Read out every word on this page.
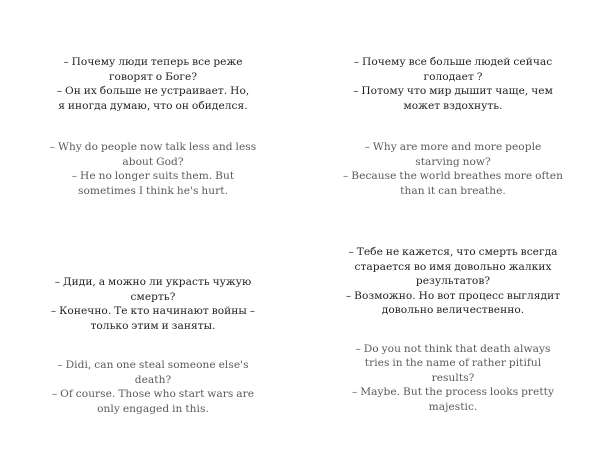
– Почему люди теперь все реже
говорят о Боге?
– Он их больше не устраивает. Но,
я иногда думаю, что он обиделся.
– Why do people now talk less and less
about God?
– He no longer suits them. But
sometimes I think he's hurt.
– Почему все больше людей сейчас
голодает ?
– Потому что мир дышит чаще, чем
может вздохнуть.
– Why are more and more people
starving now?
– Because the world breathes more often
than it can breathe.
– Диди, а можно ли украсть чужую
смерть?
– Конечно. Те кто начинают войны –
только этим и заняты.
– Didi, can one steal someone else's
death?
– Of course. Those who start wars are
only engaged in this.
– Тебе не кажется, что смерть всегда
старается во имя довольно жалких
результатов?
– Возможно. Но вот процесс выглядит
довольно величественно.
– Do you not think that death always
tries in the name of rather pitiful
results?
– Maybe. But the process looks pretty
majestic.
